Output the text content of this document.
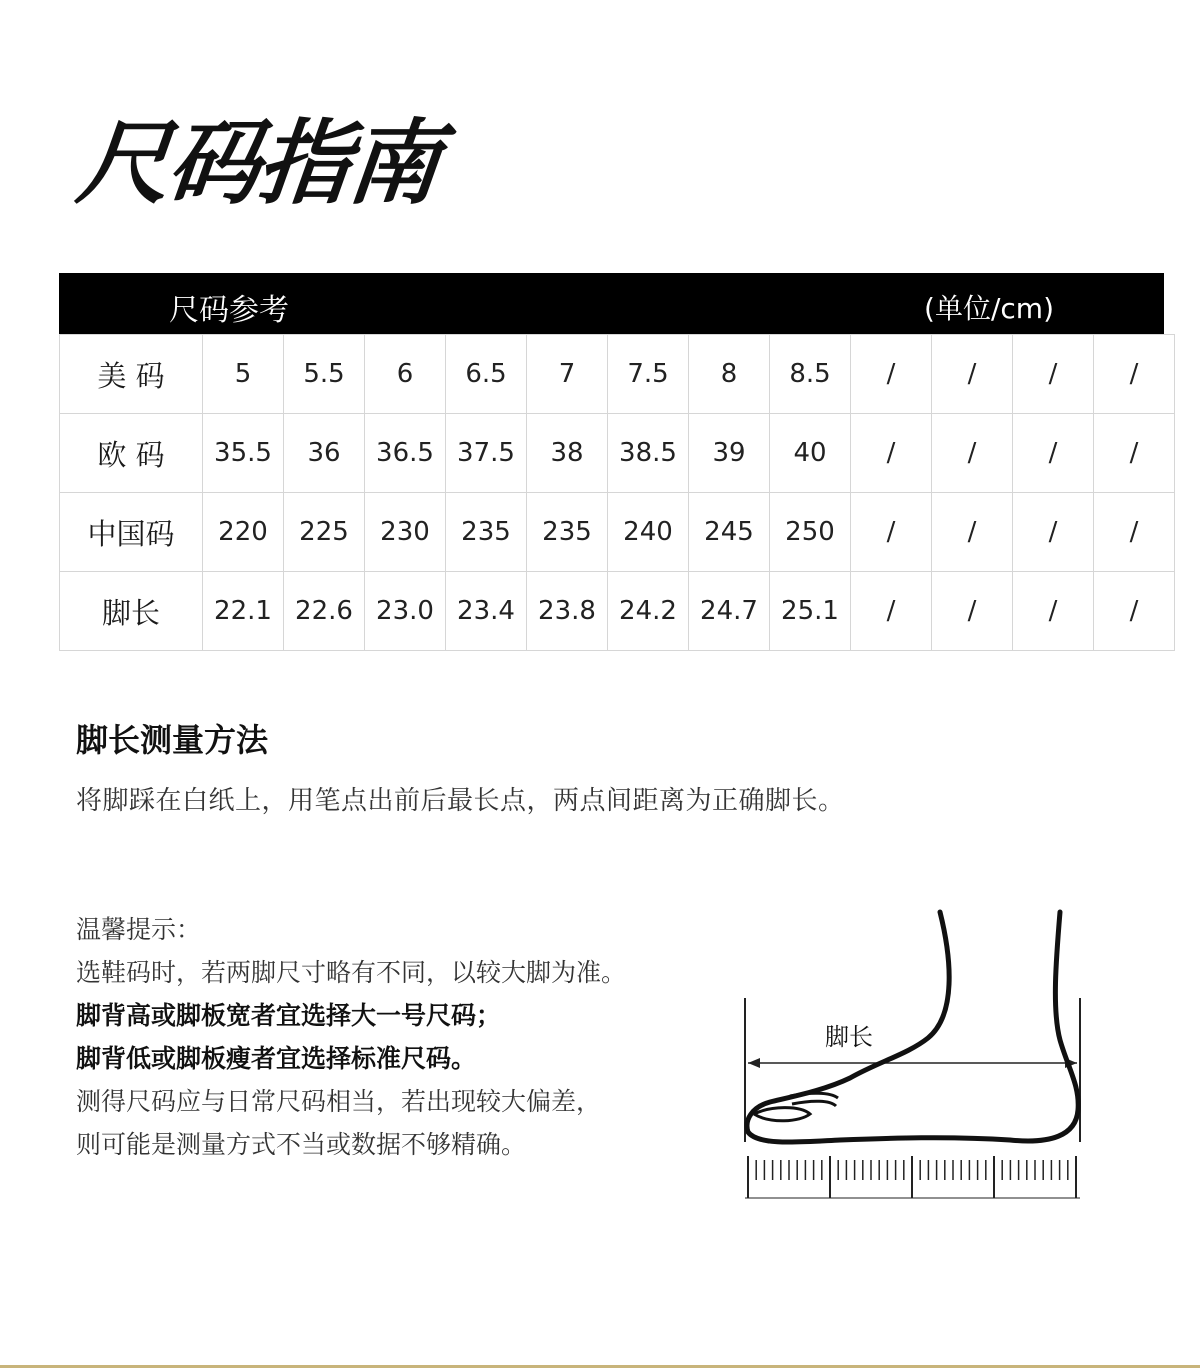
尺码指南
尺码参考	(单位/cm)
美 码	5	5.5	6	6.5	7	7.5	8	8.5	/	/	/	/
欧 码	35.5	36	36.5	37.5	38	38.5	39	40	/	/	/	/
中国码	220	225	230	235	235	240	245	250	/	/	/	/
脚长	22.1	22.6	23.0	23.4	23.8	24.2	24.7	25.1	/	/	/	/
脚长测量方法
将脚踩在白纸上，用笔点出前后最长点，两点间距离为正确脚长。
温馨提示：
选鞋码时，若两脚尺寸略有不同，以较大脚为准。
脚背高或脚板宽者宜选择大一号尺码；
脚背低或脚板瘦者宜选择标准尺码。
测得尺码应与日常尺码相当，若出现较大偏差，
则可能是测量方式不当或数据不够精确。
脚长
